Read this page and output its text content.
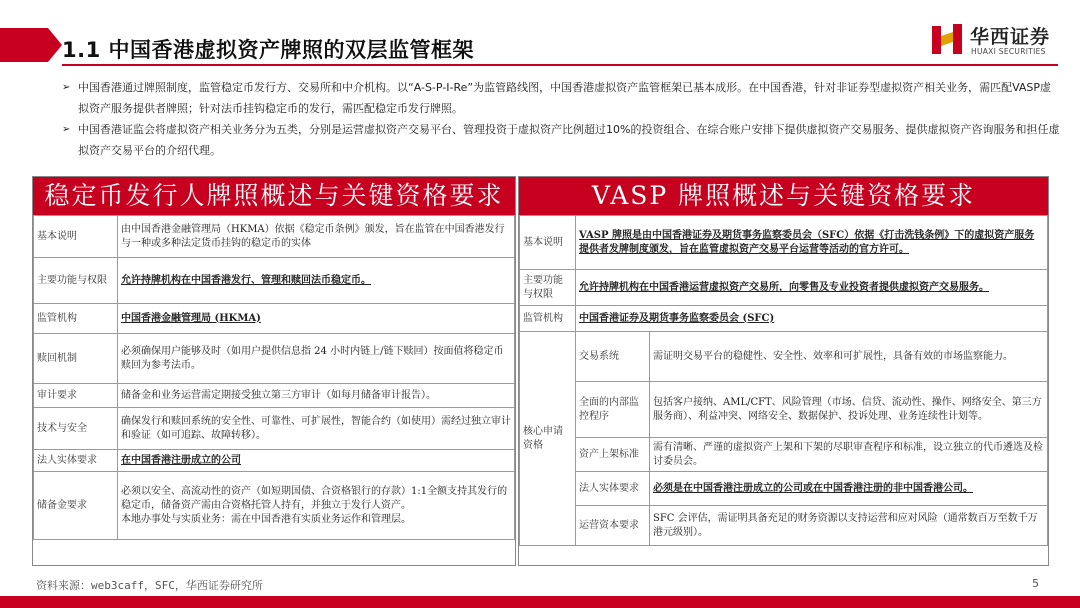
1.1 中国香港虚拟资产牌照的双层监管框架
华西证券
HUAXI SECURITIES
➢ 中国香港通过牌照制度，监管稳定币发行方、交易所和中介机构。以“A-S-P-I-Re”为监管路线图，中国香港虚拟资产监管框架已基本成形。在中国香港，针对非证券型虚拟资产相关业务，需匹配VASP虚拟资产服务提供者牌照；针对法币挂钩稳定币的发行，需匹配稳定币发行牌照。
➢ 中国香港证监会将虚拟资产相关业务分为五类，分别是运营虚拟资产交易平台、管理投资于虚拟资产比例超过10%的投资组合、在综合账户安排下提供虚拟资产交易服务、提供虚拟资产咨询服务和担任虚拟资产交易平台的介绍代理。
稳定币发行人牌照概述与关键资格要求
基本说明	由中国香港金融管理局（HKMA）依据《稳定币条例》颁发，旨在监管在中国香港发行与一种或多种法定货币挂钩的稳定币的实体
主要功能与权限	允许持牌机构在中国香港发行、管理和赎回法币稳定币。
监管机构	中国香港金融管理局 (HKMA)
赎回机制	必须确保用户能够及时（如用户提供信息指 24 小时内链上/链下赎回）按面值将稳定币赎回为参考法币。
审计要求	储备金和业务运营需定期接受独立第三方审计（如每月储备审计报告）。
技术与安全	确保发行和赎回系统的安全性、可靠性、可扩展性，智能合约（如使用）需经过独立审计和验证（如可追踪、故障转移）。
法人实体要求	在中国香港注册成立的公司
储备金要求	必须以安全、高流动性的资产（如短期国债、合资格银行的存款）1:1全额支持其发行的稳定币，储备资产需由合资格托管人持有，并独立于发行人资产。
本地办事处与实质业务：需在中国香港有实质业务运作和管理层。
VASP 牌照概述与关键资格要求
基本说明	VASP 牌照是由中国香港证券及期货事务监察委员会（SFC）依据《打击洗钱条例》下的虚拟资产服务提供者发牌制度颁发，旨在监管虚拟资产交易平台运营等活动的官方许可。	
主要功能与权限	允许持牌机构在中国香港运营虚拟资产交易所，向零售及专业投资者提供虚拟资产交易服务。	
监管机构	中国香港证券及期货事务监察委员会 (SFC)	
核心申请资格	交易系统	需证明交易平台的稳健性、安全性、效率和可扩展性，具备有效的市场监察能力。
	全面的内部监控程序	包括客户接纳、AML/CFT、风险管理（市场、信贷、流动性、操作、网络安全、第三方服务商）、利益冲突、网络安全、数据保护、投诉处理、业务连续性计划等。
	资产上架标准	需有清晰、严谨的虚拟资产上架和下架的尽职审查程序和标准，设立独立的代币遴选及检讨委员会。
	法人实体要求	必须是在中国香港注册成立的公司或在中国香港注册的非中国香港公司。
	运营资本要求	SFC 会评估，需证明具备充足的财务资源以支持运营和应对风险（通常数百万至数千万港元级别）。
资料来源：web3caff，SFC，华西证券研究所	5
